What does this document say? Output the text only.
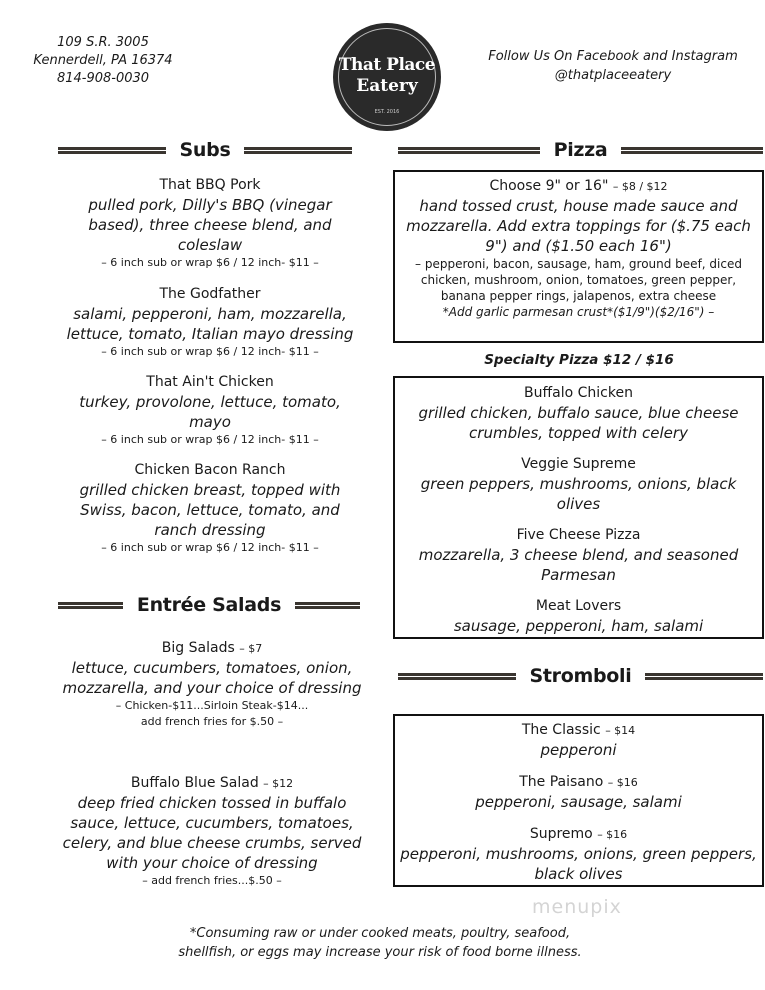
109 S.R. 3005
Kennerdell, PA 16374
814-908-0030
That Place
Eatery
EST. 2016
Follow Us On Facebook and Instagram
@thatplaceeatery
Subs	Pizza
That BBQ Pork
pulled pork, Dilly's BBQ (vinegar based), three cheese blend, and coleslaw
– 6 inch sub or wrap $6 / 12 inch- $11 –
The Godfather
salami, pepperoni, ham, mozzarella, lettuce, tomato, Italian mayo dressing
– 6 inch sub or wrap $6 / 12 inch- $11 –
That Ain't Chicken
turkey, provolone, lettuce, tomato, mayo
– 6 inch sub or wrap $6 / 12 inch- $11 –
Chicken Bacon Ranch
grilled chicken breast, topped with Swiss, bacon, lettuce, tomato, and ranch dressing
– 6 inch sub or wrap $6 / 12 inch- $11 –
Entrée Salads
Big Salads – $7
lettuce, cucumbers, tomatoes, onion, mozzarella, and your choice of dressing
– Chicken-$11...Sirloin Steak-$14...
add french fries for $.50 –
Buffalo Blue Salad – $12
deep fried chicken tossed in buffalo sauce, lettuce, cucumbers, tomatoes, celery, and blue cheese crumbs, served with your choice of dressing
– add french fries...$.50 –
Choose 9" or 16" – $8 / $12
hand tossed crust, house made sauce and mozzarella. Add extra toppings for ($.75 each 9") and ($1.50 each 16")
– pepperoni, bacon, sausage, ham, ground beef, diced chicken, mushroom, onion, tomatoes, green pepper, banana pepper rings, jalapenos, extra cheese
*Add garlic parmesan crust*($1/9")($2/16") –
Specialty Pizza $12 / $16
Buffalo Chicken
grilled chicken, buffalo sauce, blue cheese crumbles, topped with celery
Veggie Supreme
green peppers, mushrooms, onions, black olives
Five Cheese Pizza
mozzarella, 3 cheese blend, and seasoned Parmesan
Meat Lovers
sausage, pepperoni, ham, salami
Stromboli
The Classic – $14
pepperoni
The Paisano – $16
pepperoni, sausage, salami
Supremo – $16
pepperoni, mushrooms, onions, green peppers, black olives
menupix
*Consuming raw or under cooked meats, poultry, seafood,
shellfish, or eggs may increase your risk of food borne illness.
